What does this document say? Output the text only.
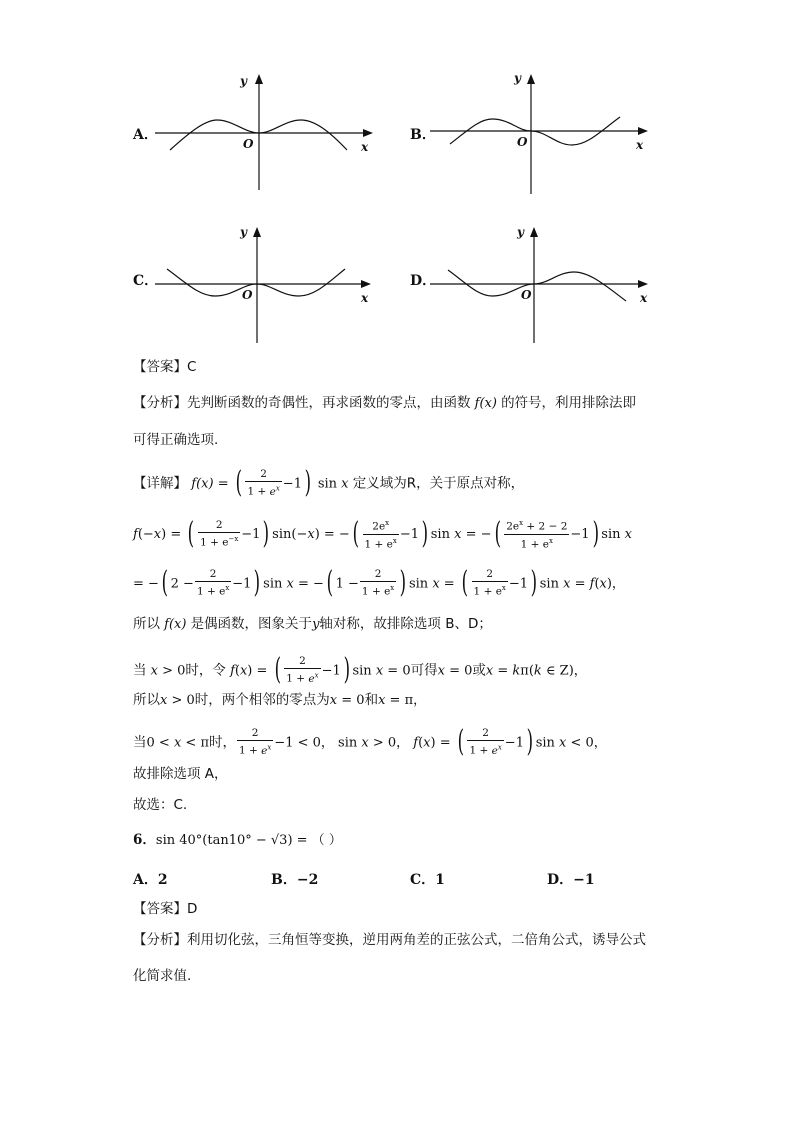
A．
y
O	x
B．
y
O	x
C．
y
O	x
D．
y
O	x
【答案】C
【分析】先判断函数的奇偶性，再求函数的零点，由函数 f(x) 的符号，利用排除法即
可得正确选项.
【详解】 f(x) = ( $\frac{2}{1 + e^x} -1$) sin x 定义域为R，关于原点对称，
f(−x) = ( $\frac{2}{1 + e^{-x}} -1$) sin(−x) = −( $\frac{2e^x}{1 + e^x} -1$) sin x = −( $\frac{2e^x + 2 - 2}{1 + e^x} -1$) sin x
= −( $2 - \frac{2}{1 + e^x} -1$) sin x = −( $1 - \frac{2}{1 + e^x}$ ) sin x = ( $\frac{2}{1 + e^x} -1$) sin x = f(x)，
所以 f(x) 是偶函数，图象关于y轴对称，故排除选项 B、D；
当 x > 0时，令 f(x) = ( $\frac{2}{1 + e^x} -1$) sin x = 0可得x = 0或x = kπ(k ∈ Z)，
所以x > 0时，两个相邻的零点为x = 0和x = π，
当0 < x < π时， $\frac{2}{1 + e^x} -1 < 0$， sin x > 0， f(x) = ( $\frac{2}{1 + e^x} -1$) sin x < 0，
故排除选项 A，
故选：C.
6．sin 40°(tan10° − √3) = （ ）
A．2	B．−2	C．1	D．−1
【答案】D
【分析】利用切化弦，三角恒等变换，逆用两角差的正弦公式，二倍角公式，诱导公式
化简求值.
